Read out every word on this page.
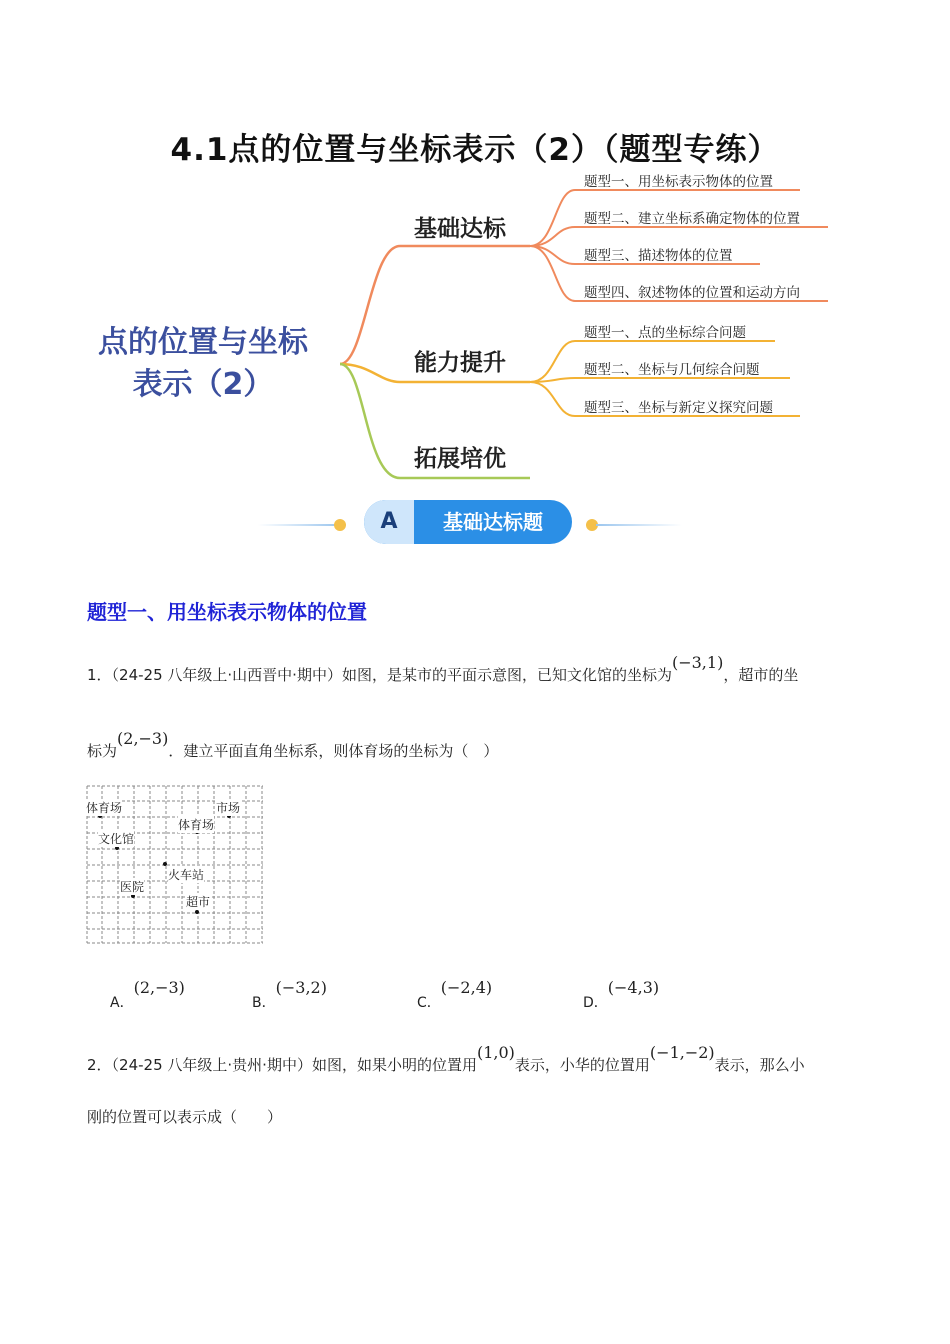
4.1点的位置与坐标表示（2）（题型专练）
点的位置与坐标
表示（2）
基础达标
能力提升
拓展培优
题型一、用坐标表示物体的位置
题型二、建立坐标系确定物体的位置
题型三、描述物体的位置
题型四、叙述物体的位置和运动方向
题型一、点的坐标综合问题
题型二、坐标与几何综合问题
题型三、坐标与新定义探究问题
A	基础达标题
题型一、用坐标表示物体的位置
1．（24-25 八年级上·山西晋中·期中）如图，是某市的平面示意图，已知文化馆的坐标为(−3,1)，超市的坐
标为(2,−3)．建立平面直角坐标系，则体育场的坐标为（　）
体育场	市场
体育场
文化馆
火车站
医院
超市
A．(2,−3)
B．(−3,2)
C．(−2,4)
D．(−4,3)
2．（24-25 八年级上·贵州·期中）如图，如果小明的位置用(1,0)表示，小华的位置用(−1,−2)表示，那么小
刚的位置可以表示成（　　）
